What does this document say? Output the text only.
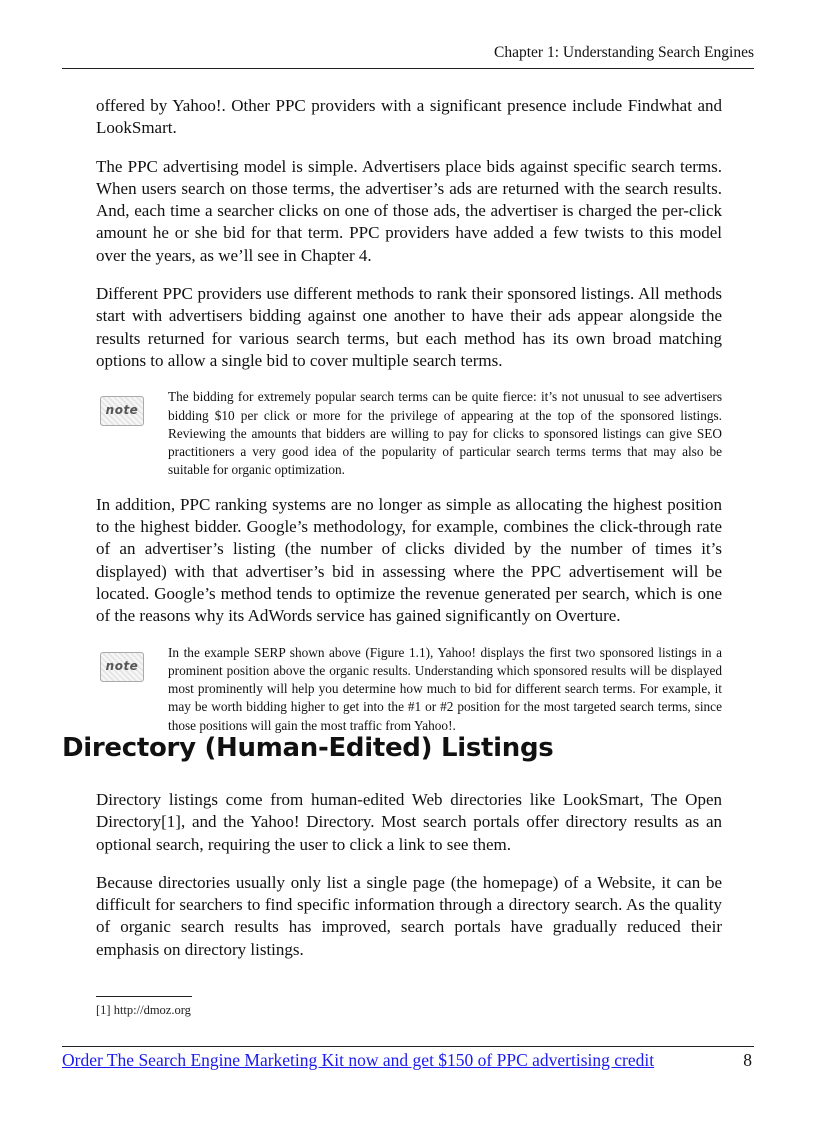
Chapter 1: Understanding Search Engines

offered by Yahoo!. Other PPC providers with a significant presence include Findwhat and LookSmart.

The PPC advertising model is simple. Advertisers place bids against specific search terms. When users search on those terms, the advertiser’s ads are returned with the search results. And, each time a searcher clicks on one of those ads, the advertiser is charged the per-click amount he or she bid for that term. PPC providers have added a few twists to this model over the years, as we’ll see in Chapter 4.

Different PPC providers use different methods to rank their sponsored listings. All methods start with advertisers bidding against one another to have their ads appear alongside the results returned for various search terms, but each method has its own broad matching options to allow a single bid to cover multiple search terms.

note

The bidding for extremely popular search terms can be quite fierce: it’s not unusual to see advertisers bidding $10 per click or more for the privilege of appearing at the top of the sponsored listings. Reviewing the amounts that bidders are willing to pay for clicks to sponsored listings can give SEO practitioners a very good idea of the popularity of particular search terms terms that may also be suitable for organic optimization.

In addition, PPC ranking systems are no longer as simple as allocating the highest position to the highest bidder. Google’s methodology, for example, combines the click-through rate of an advertiser’s listing (the number of clicks divided by the number of times it’s displayed) with that advertiser’s bid in assessing where the PPC advertisement will be located. Google’s method tends to optimize the revenue generated per search, which is one of the reasons why its AdWords service has gained significantly on Overture.

note

In the example SERP shown above (Figure 1.1), Yahoo! displays the first two sponsored listings in a prominent position above the organic results. Understanding which sponsored results will be displayed most prominently will help you determine how much to bid for different search terms. For example, it may be worth bidding higher to get into the #1 or #2 position for the most targeted search terms, since those positions will gain the most traffic from Yahoo!.

Directory (Human-Edited) Listings

Directory listings come from human-edited Web directories like LookSmart, The Open Directory[1], and the Yahoo! Directory. Most search portals offer directory results as an optional search, requiring the user to click a link to see them.

Because directories usually only list a single page (the homepage) of a Website, it can be difficult for searchers to find specific information through a directory search. As the quality of organic search results has improved, search portals have gradually reduced their emphasis on directory listings.

[1] http://dmoz.org
Order The Search Engine Marketing Kit now and get $150 of PPC advertising credit	8
